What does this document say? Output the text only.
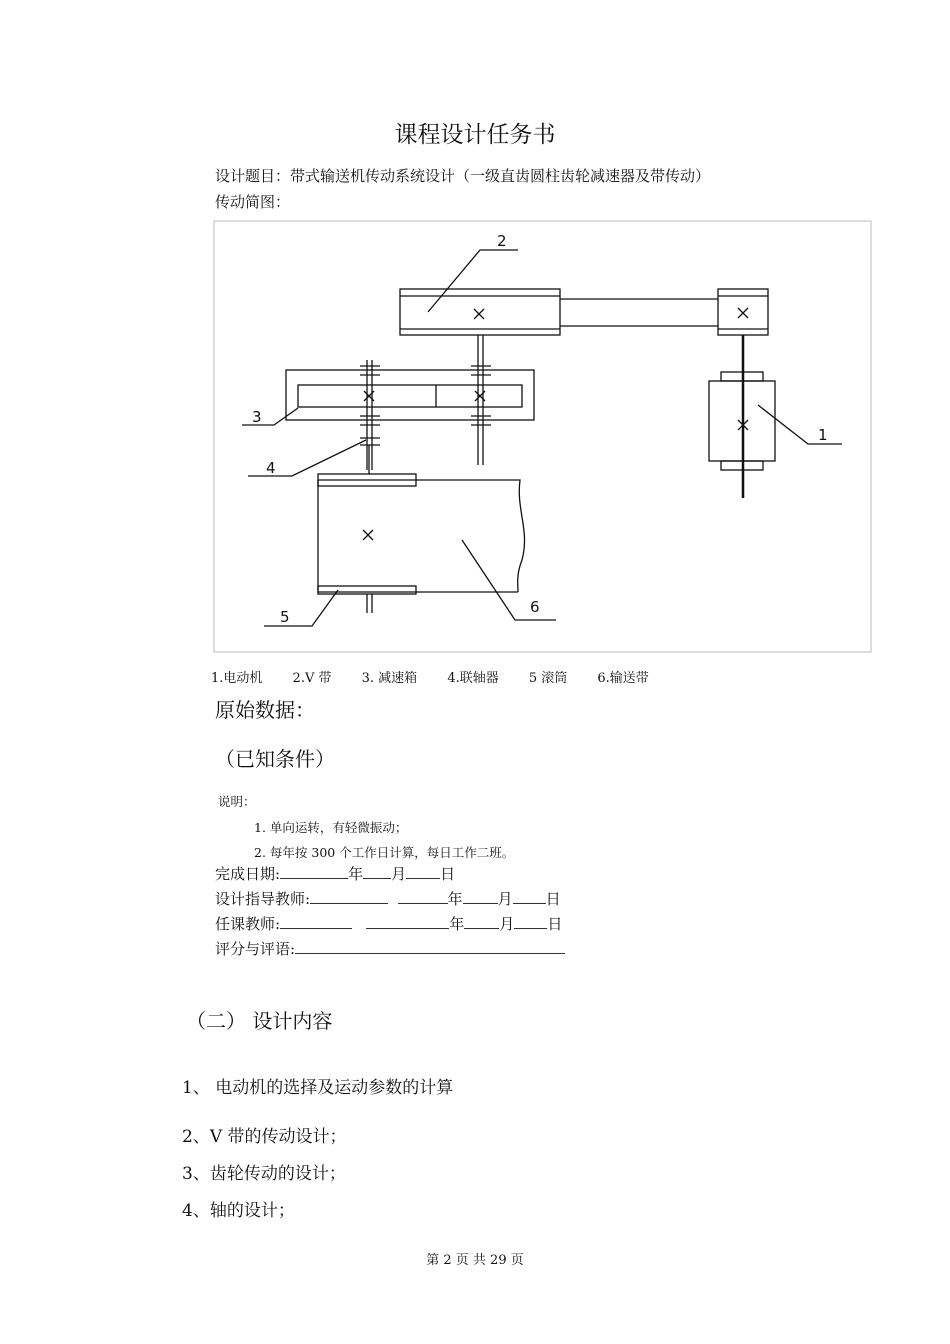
课程设计任务书
设计题目：带式输送机传动系统设计（一级直齿圆柱齿轮减速器及带传动）
传动简图：
2
3
4
5
6
1
1.电动机 2.V 带 3. 减速箱 4.联轴器 5 滚筒 6.输送带
原始数据：
（已知条件）
说明：
1. 单向运转，有轻微振动；
2. 每年按 300 个工作日计算，每日工作二班。
完成日期:	年 月 日
设计指导教师:	年 月 日
任课教师:	年 月 日
评分与评语:
（二） 设计内容
1、 电动机的选择及运动参数的计算
2、V 带的传动设计；
3、齿轮传动的设计；
4、轴的设计；
第 2 页 共 29 页
